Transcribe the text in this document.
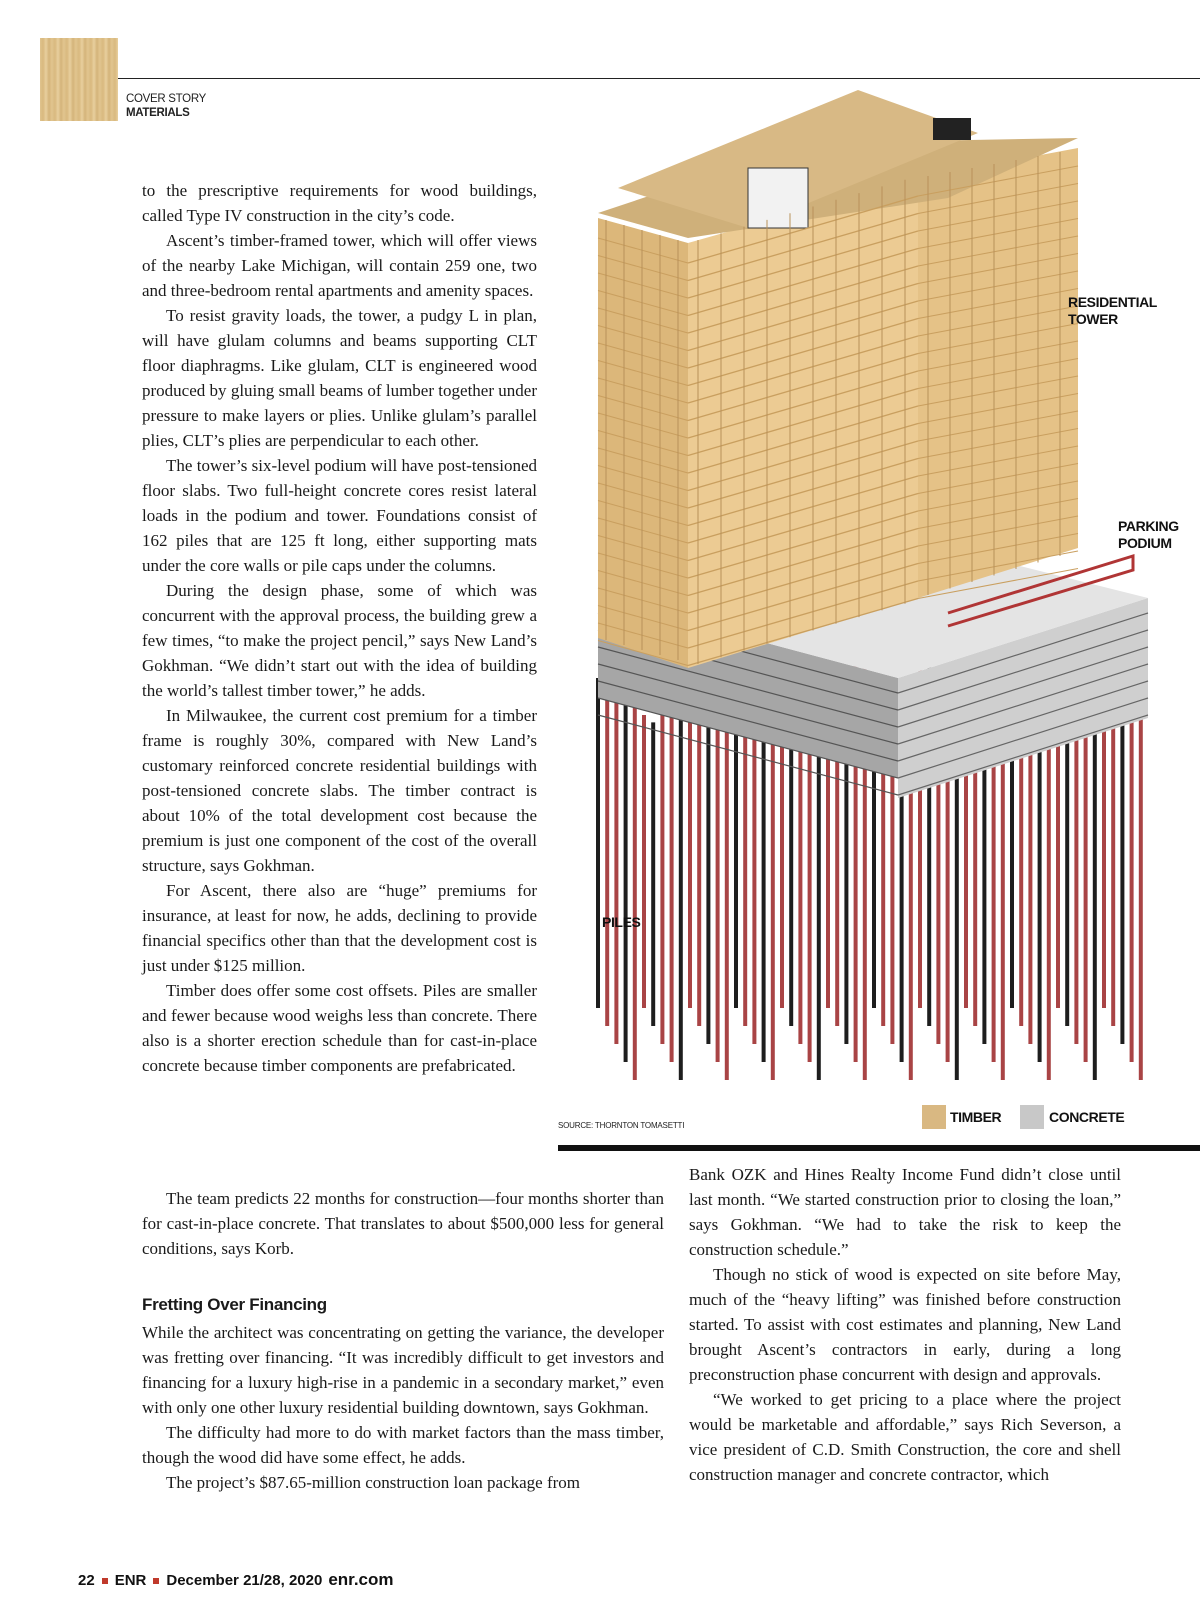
COVER STORY
MATERIALS

to the prescriptive requirements for wood buildings, called Type IV construction in the city’s code.

Ascent’s timber-framed tower, which will offer views of the nearby Lake Michigan, will contain 259 one, two and three-bedroom rental apartments and amenity spaces.

To resist gravity loads, the tower, a pudgy L in plan, will have glulam columns and beams supporting CLT floor diaphragms. Like glulam, CLT is engineered wood produced by gluing small beams of lumber together under pressure to make layers or plies. Unlike glulam’s parallel plies, CLT’s plies are perpendicular to each other.

The tower’s six-level podium will have post-tensioned floor slabs. Two full-height concrete cores resist lateral loads in the podium and tower. Foundations consist of 162 piles that are 125 ft long, either supporting mats under the core walls or pile caps under the columns.

During the design phase, some of which was concurrent with the approval process, the building grew a few times, “to make the project pencil,” says New Land’s Gokhman. “We didn’t start out with the idea of building the world’s tallest timber tower,” he adds.

In Milwaukee, the current cost premium for a timber frame is roughly 30%, compared with New Land’s customary reinforced concrete residential buildings with post-tensioned concrete slabs. The timber contract is about 10% of the total development cost because the premium is just one component of the cost of the overall structure, says Gokhman.

For Ascent, there also are “huge” premiums for insurance, at least for now, he adds, declining to provide financial specifics other than that the development cost is just under $125 million.

Timber does offer some cost offsets. Piles are smaller and fewer because wood weighs less than concrete. There also is a shorter erection schedule than for cast-in-place concrete because timber components are prefabricated.

The team predicts 22 months for construction—four months shorter than for cast-in-place concrete. That translates to about $500,000 less for general conditions, says Korb.

Fretting Over Financing

While the architect was concentrating on getting the variance, the developer was fretting over financing. “It was incredibly difficult to get investors and financing for a luxury high-rise in a pandemic in a secondary market,” even with only one other luxury residential building downtown, says Gokhman.

The difficulty had more to do with market factors than the mass timber, though the wood did have some effect, he adds.

The project’s $87.65-million construction loan package from

Bank OZK and Hines Realty Income Fund didn’t close until last month. “We started construction prior to closing the loan,” says Gokhman. “We had to take the risk to keep the construction schedule.”

Though no stick of wood is expected on site before May, much of the “heavy lifting” was finished before construction started. To assist with cost estimates and planning, New Land brought Ascent’s contractors in early, during a long preconstruction phase concurrent with design and approvals.

“We worked to get pricing to a place where the project would be marketable and affordable,” says Rich Severson, a vice president of C.D. Smith Construction, the core and shell construction manager and concrete contractor, which

RESIDENTIAL TOWER
PARKING PODIUM
PILES
SOURCE: THORNTON TOMASETTI
TIMBER	CONCRETE
22 ENR December 21/28, 2020 enr.com
